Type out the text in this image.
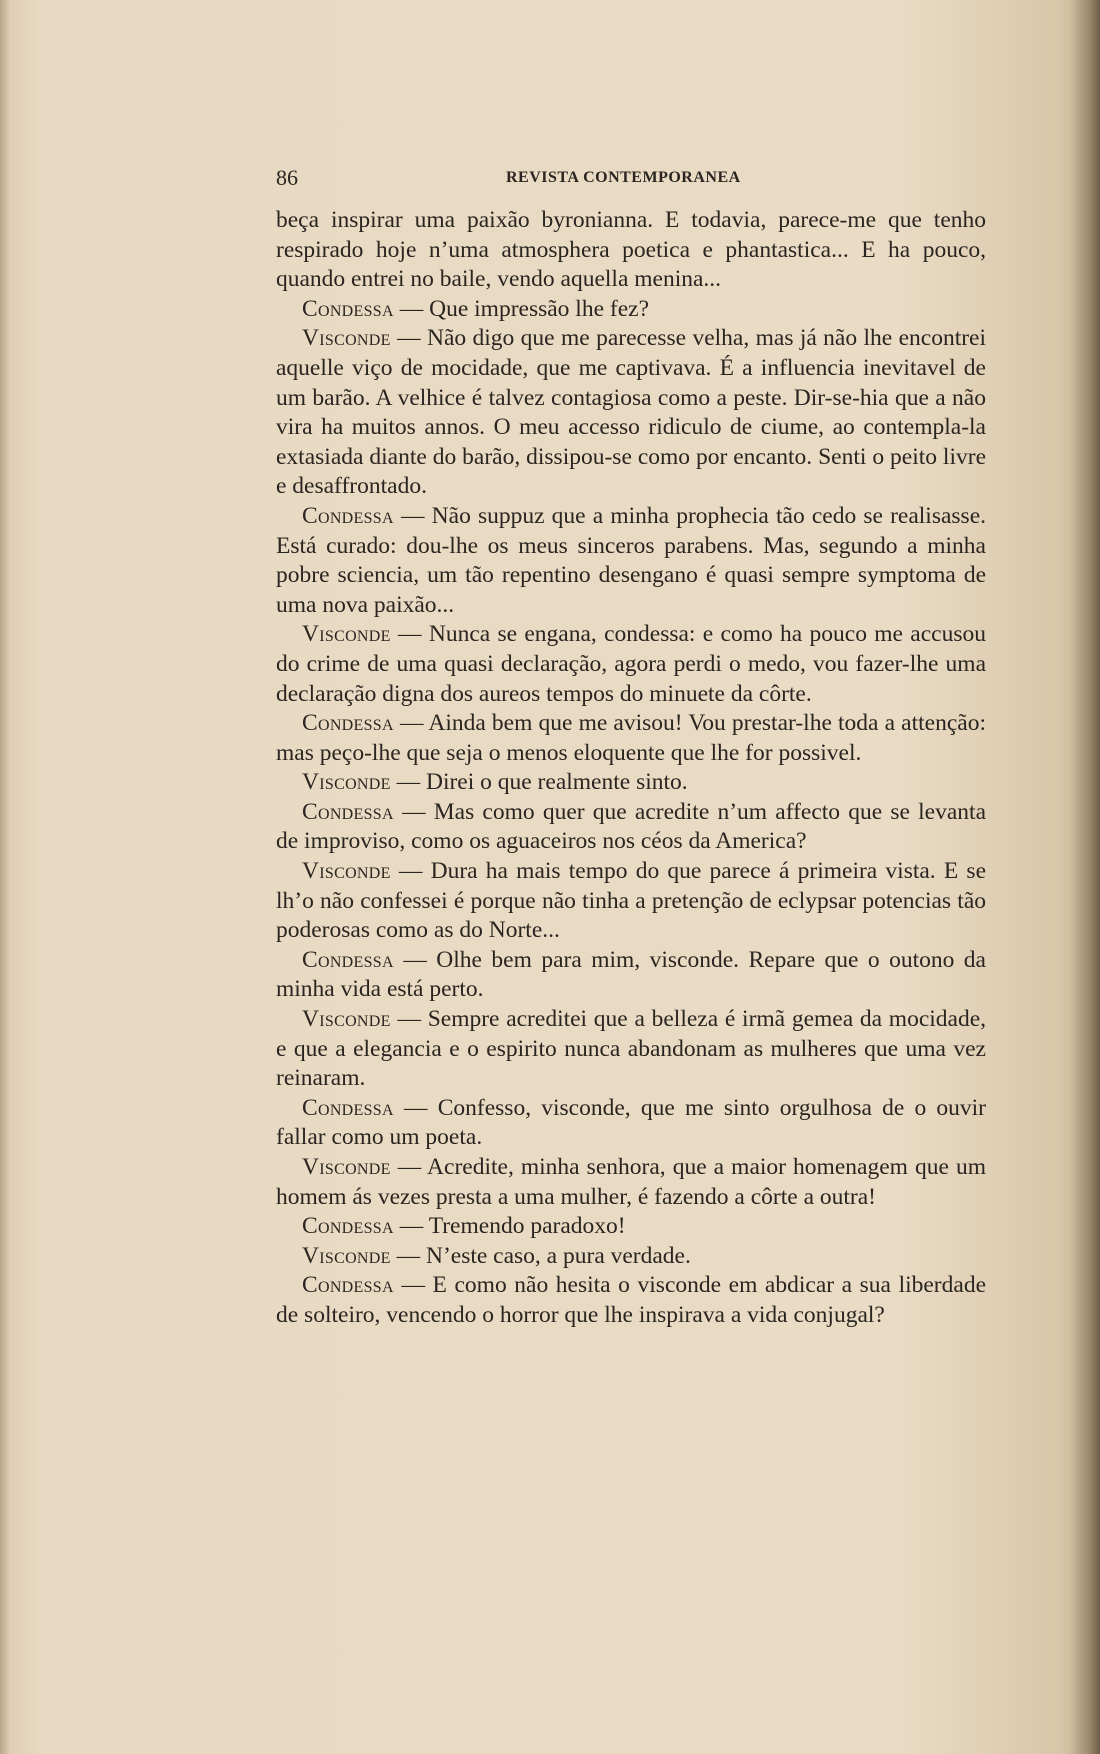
86	REVISTA CONTEMPORANEA

beça inspirar uma paixão byronianna. E todavia, parece-me que tenho respirado hoje n’uma atmosphera poetica e phantastica... E ha pouco, quando entrei no baile, vendo aquella menina...

Condessa — Que impressão lhe fez?

Visconde — Não digo que me parecesse velha, mas já não lhe encontrei aquelle viço de mocidade, que me captivava. É a influencia inevitavel de um barão. A velhice é talvez contagiosa como a peste. Dir-se-hia que a não vira ha muitos annos. O meu accesso ridiculo de ciume, ao contempla-la extasiada diante do barão, dissipou-se como por encanto. Senti o peito livre e desaffrontado.

Condessa — Não suppuz que a minha prophecia tão cedo se realisasse. Está curado: dou-lhe os meus sinceros parabens. Mas, segundo a minha pobre sciencia, um tão repentino desengano é quasi sempre symptoma de uma nova paixão...

Visconde — Nunca se engana, condessa: e como ha pouco me accusou do crime de uma quasi declaração, agora perdi o medo, vou fazer-lhe uma declaração digna dos aureos tempos do minuete da côrte.

Condessa — Ainda bem que me avisou! Vou prestar-lhe toda a attenção: mas peço-lhe que seja o menos eloquente que lhe for possivel.

Visconde — Direi o que realmente sinto.

Condessa — Mas como quer que acredite n’um affecto que se levanta de improviso, como os aguaceiros nos céos da America?

Visconde — Dura ha mais tempo do que parece á primeira vista. E se lh’o não confessei é porque não tinha a pretenção de eclypsar potencias tão poderosas como as do Norte...

Condessa — Olhe bem para mim, visconde. Repare que o outono da minha vida está perto.

Visconde — Sempre acreditei que a belleza é irmã gemea da mocidade, e que a elegancia e o espirito nunca abandonam as mulheres que uma vez reinaram.

Condessa — Confesso, visconde, que me sinto orgulhosa de o ouvir fallar como um poeta.

Visconde — Acredite, minha senhora, que a maior homenagem que um homem ás vezes presta a uma mulher, é fazendo a côrte a outra!

Condessa — Tremendo paradoxo!

Visconde — N’este caso, a pura verdade.

Condessa — E como não hesita o visconde em abdicar a sua liberdade de solteiro, vencendo o horror que lhe inspirava a vida conjugal?
